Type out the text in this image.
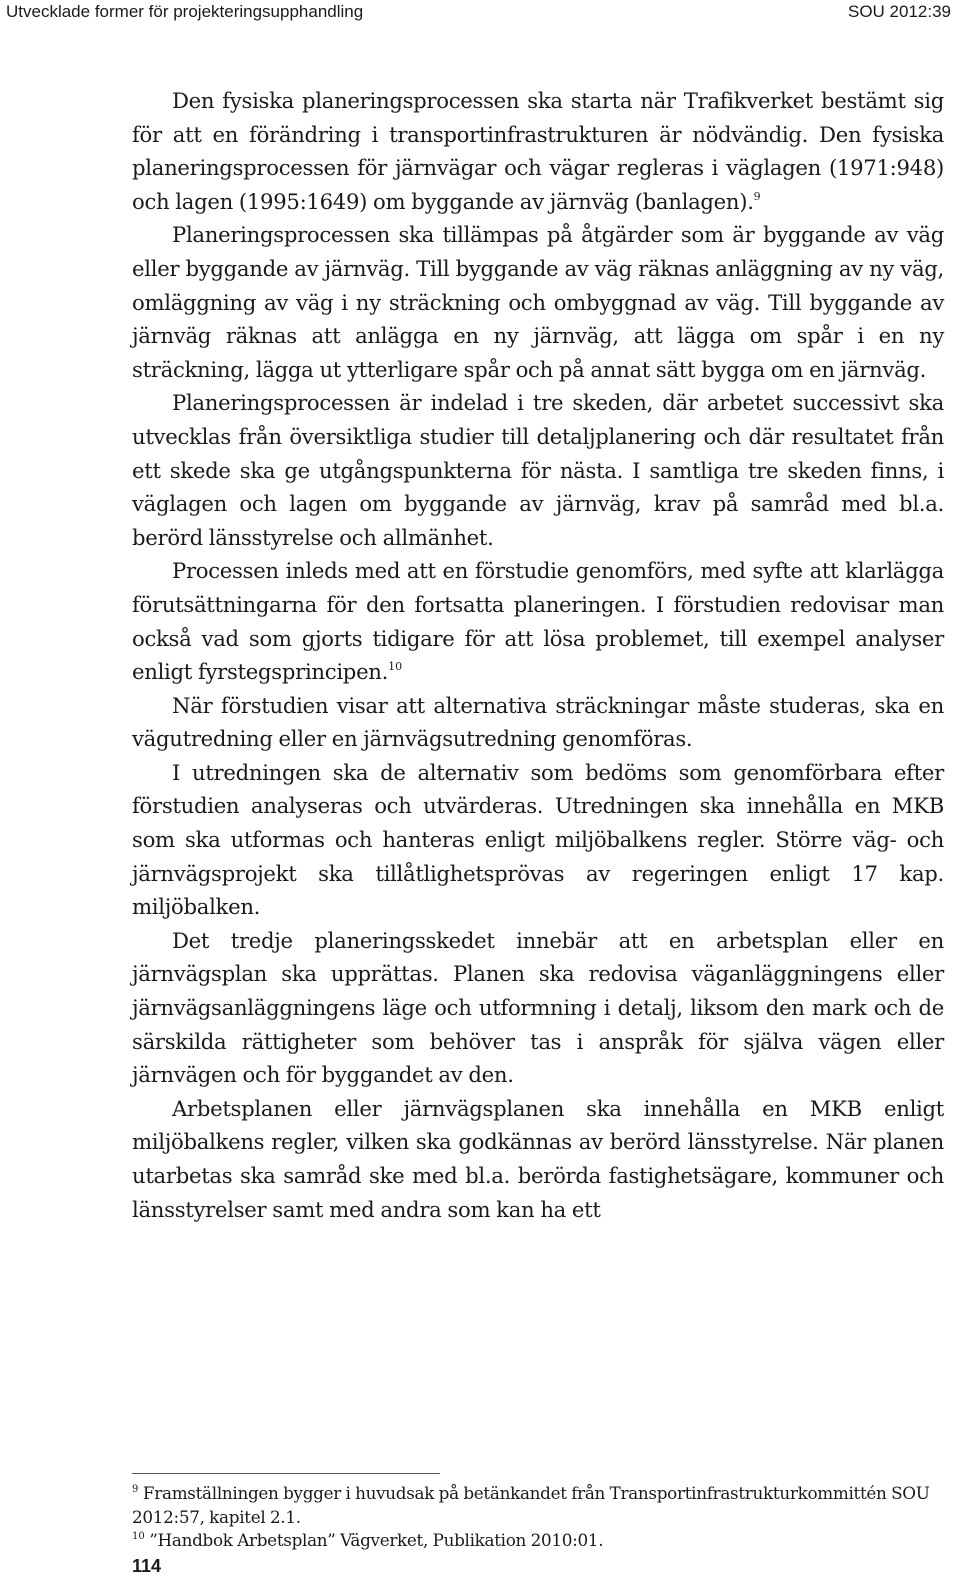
Utvecklade former för projekteringsupphandling	SOU 2012:39

Den fysiska planeringsprocessen ska starta när Trafikverket bestämt sig för att en förändring i transportinfrastrukturen är nödvändig. Den fysiska planeringsprocessen för järnvägar och vägar regleras i väglagen (1971:948) och lagen (1995:1649) om byggande av järnväg (banlagen).$^9$

Planeringsprocessen ska tillämpas på åtgärder som är byggande av väg eller byggande av järnväg. Till byggande av väg räknas anläggning av ny väg, omläggning av väg i ny sträckning och ombyggnad av väg. Till byggande av järnväg räknas att anlägga en ny järnväg, att lägga om spår i en ny sträckning, lägga ut ytterligare spår och på annat sätt bygga om en järnväg.

Planeringsprocessen är indelad i tre skeden, där arbetet successivt ska utvecklas från översiktliga studier till detaljplanering och där resultatet från ett skede ska ge utgångspunkterna för nästa. I samtliga tre skeden finns, i väglagen och lagen om byggande av järnväg, krav på samråd med bl.a. berörd länsstyrelse och allmänhet.

Processen inleds med att en förstudie genomförs, med syfte att klarlägga förutsättningarna för den fortsatta planeringen. I förstudien redovisar man också vad som gjorts tidigare för att lösa problemet, till exempel analyser enligt fyrstegsprincipen.$^{10}$

När förstudien visar att alternativa sträckningar måste studeras, ska en vägutredning eller en järnvägsutredning genomföras.

I utredningen ska de alternativ som bedöms som genomförbara efter förstudien analyseras och utvärderas. Utredningen ska innehålla en MKB som ska utformas och hanteras enligt miljöbalkens regler. Större väg- och järnvägsprojekt ska tillåtlighetsprövas av regeringen enligt 17 kap. miljöbalken.

Det tredje planeringsskedet innebär att en arbetsplan eller en järnvägsplan ska upprättas. Planen ska redovisa väganläggningens eller järnvägsanläggningens läge och utformning i detalj, liksom den mark och de särskilda rättigheter som behöver tas i anspråk för själva vägen eller järnvägen och för byggandet av den.

Arbetsplanen eller järnvägsplanen ska innehålla en MKB enligt miljöbalkens regler, vilken ska godkännas av berörd länsstyrelse. När planen utarbetas ska samråd ske med bl.a. berörda fastighetsägare, kommuner och länsstyrelser samt med andra som kan ha ett

$^9$ Framställningen bygger i huvudsak på betänkandet från Transportinfrastrukturkommittén SOU 2012:57, kapitel 2.1.

$^{10}$ ”Handbok Arbetsplan” Vägverket, Publikation 2010:01.

114
